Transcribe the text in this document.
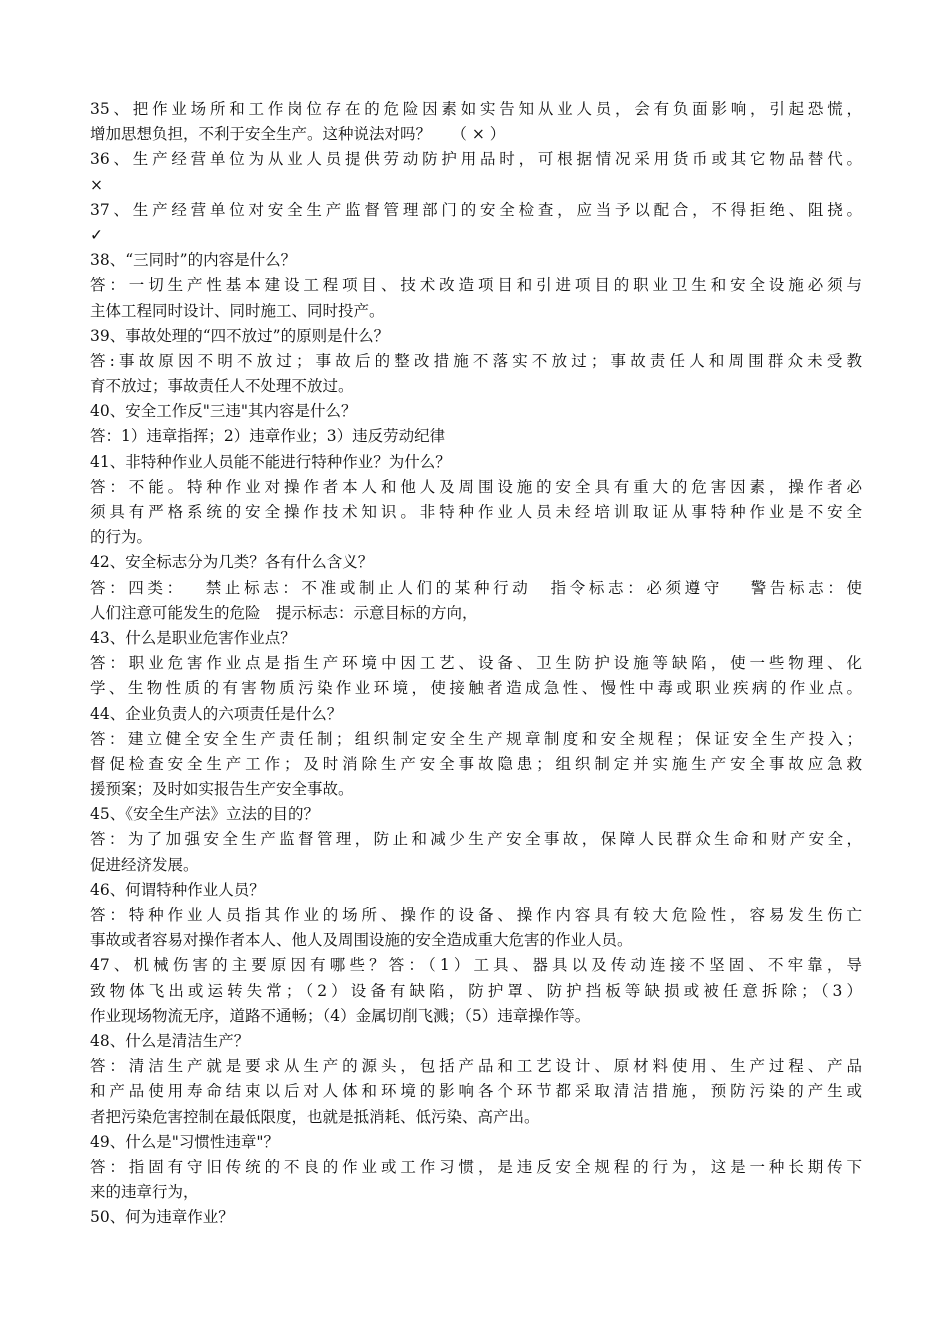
35、把作业场所和工作岗位存在的危险因素如实告知从业人员，会有负面影响，引起恐慌，
增加思想负担，不利于安全生产。这种说法对吗？　 （ × ）
36、生产经营单位为从业人员提供劳动防护用品时，可根据情况采用货币或其它物品替代。
×
37、生产经营单位对安全生产监督管理部门的安全检查，应当予以配合，不得拒绝、阻挠。
✓
38、“三同时”的内容是什么？
答：一切生产性基本建设工程项目、技术改造项目和引进项目的职业卫生和安全设施必须与
主体工程同时设计、同时施工、同时投产。
39、事故处理的“四不放过”的原则是什么？
答:事故原因不明不放过；事故后的整改措施不落实不放过；事故责任人和周围群众未受教
育不放过；事故责任人不处理不放过。
40、安全工作反"三违"其内容是什么？
答：1）违章指挥；2）违章作业；3）违反劳动纪律
41、非特种作业人员能不能进行特种作业？为什么？
答：不能。特种作业对操作者本人和他人及周围设施的安全具有重大的危害因素，操作者必
须具有严格系统的安全操作技术知识。非特种作业人员未经培训取证从事特种作业是不安全
的行为。
42、安全标志分为几类？各有什么含义？
答：四类：　 禁止标志：不准或制止人们的某种行动　指令标志：必须遵守　 警告标志：使
人们注意可能发生的危险　提示标志：示意目标的方向，
43、什么是职业危害作业点？
答：职业危害作业点是指生产环境中因工艺、设备、卫生防护设施等缺陷，使一些物理、化
学、生物性质的有害物质污染作业环境，使接触者造成急性、慢性中毒或职业疾病的作业点。
44、企业负责人的六项责任是什么？
答：建立健全安全生产责任制；组织制定安全生产规章制度和安全规程；保证安全生产投入；
督促检查安全生产工作；及时消除生产安全事故隐患；组织制定并实施生产安全事故应急救
援预案；及时如实报告生产安全事故。
45、《安全生产法》立法的目的？
答：为了加强安全生产监督管理，防止和减少生产安全事故，保障人民群众生命和财产安全，
促进经济发展。
46、何谓特种作业人员？
答：特种作业人员指其作业的场所、操作的设备、操作内容具有较大危险性，容易发生伤亡
事故或者容易对操作者本人、他人及周围设施的安全造成重大危害的作业人员。
47、机械伤害的主要原因有哪些？答：（1）工具、器具以及传动连接不坚固、不牢靠，导
致物体飞出或运转失常；（2）设备有缺陷，防护罩、防护挡板等缺损或被任意拆除；（3）
作业现场物流无序，道路不通畅；（4）金属切削飞溅；（5）违章操作等。
48、什么是清洁生产？
答：清洁生产就是要求从生产的源头，包括产品和工艺设计、原材料使用、生产过程、产品
和产品使用寿命结束以后对人体和环境的影响各个环节都采取清洁措施，预防污染的产生或
者把污染危害控制在最低限度，也就是抵消耗、低污染、高产出。
49、什么是"习惯性违章"？
答：指固有守旧传统的不良的作业或工作习惯，是违反安全规程的行为，这是一种长期传下
来的违章行为，
50、何为违章作业？
